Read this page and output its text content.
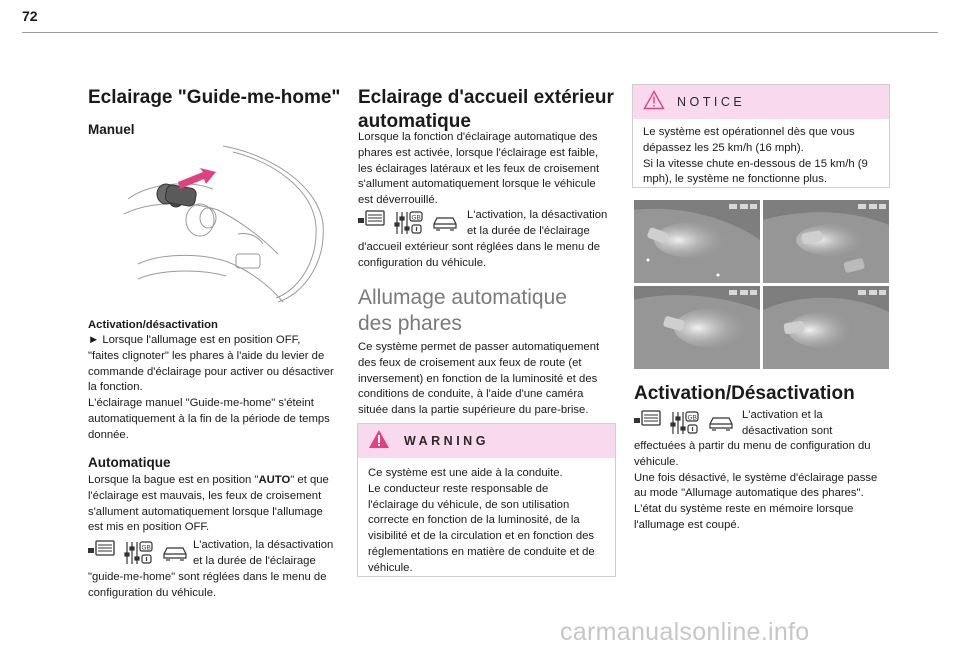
72
Eclairage "Guide-me-home"
Manuel
Activation/désactivation
► Lorsque l'allumage est en position OFF,
"faites clignoter" les phares à l'aide du levier de
commande d'éclairage pour activer ou désactiver
la fonction.
L'éclairage manuel "Guide-me-home" s'éteint
automatiquement à la fin de la période de temps
donnée.
Automatique
Lorsque la bague est en position "AUTO" et que
l'éclairage est mauvais, les feux de croisement
s'allument automatiquement lorsque l'allumage
est mis en position OFF.
GB	L'activation, la désactivation
et la durée de l'éclairage
"guide-me-home" sont réglées dans le menu de
configuration du véhicule.
Eclairage d'accueil extérieur
automatique
Lorsque la fonction d'éclairage automatique des
phares est activée, lorsque l'éclairage est faible,
les éclairages latéraux et les feux de croisement
s'allument automatiquement lorsque le véhicule
est déverrouillé.
GB	L'activation, la désactivation
et la durée de l'éclairage
d'accueil extérieur sont réglées dans le menu de
configuration du véhicule.
Allumage automatique
des phares
Ce système permet de passer automatiquement
des feux de croisement aux feux de route (et
inversement) en fonction de la luminosité et des
conditions de conduite, à l'aide d'une caméra
située dans la partie supérieure du pare-brise.
WARNING
Ce système est une aide à la conduite.
Le conducteur reste responsable de
l'éclairage du véhicule, de son utilisation
correcte en fonction de la luminosité, de la
visibilité et de la circulation et en fonction des
réglementations en matière de conduite et de
véhicule.
NOTICE
Le système est opérationnel dès que vous
dépassez les 25 km/h (16 mph).
Si la vitesse chute en-dessous de 15 km/h (9
mph), le système ne fonctionne plus.
Activation/Désactivation
GB	L'activation et la
désactivation sont
effectuées à partir du menu de configuration du
véhicule.
Une fois désactivé, le système d'éclairage passe
au mode "Allumage automatique des phares".
L'état du système reste en mémoire lorsque
l'allumage est coupé.
carmanualsonline.info
